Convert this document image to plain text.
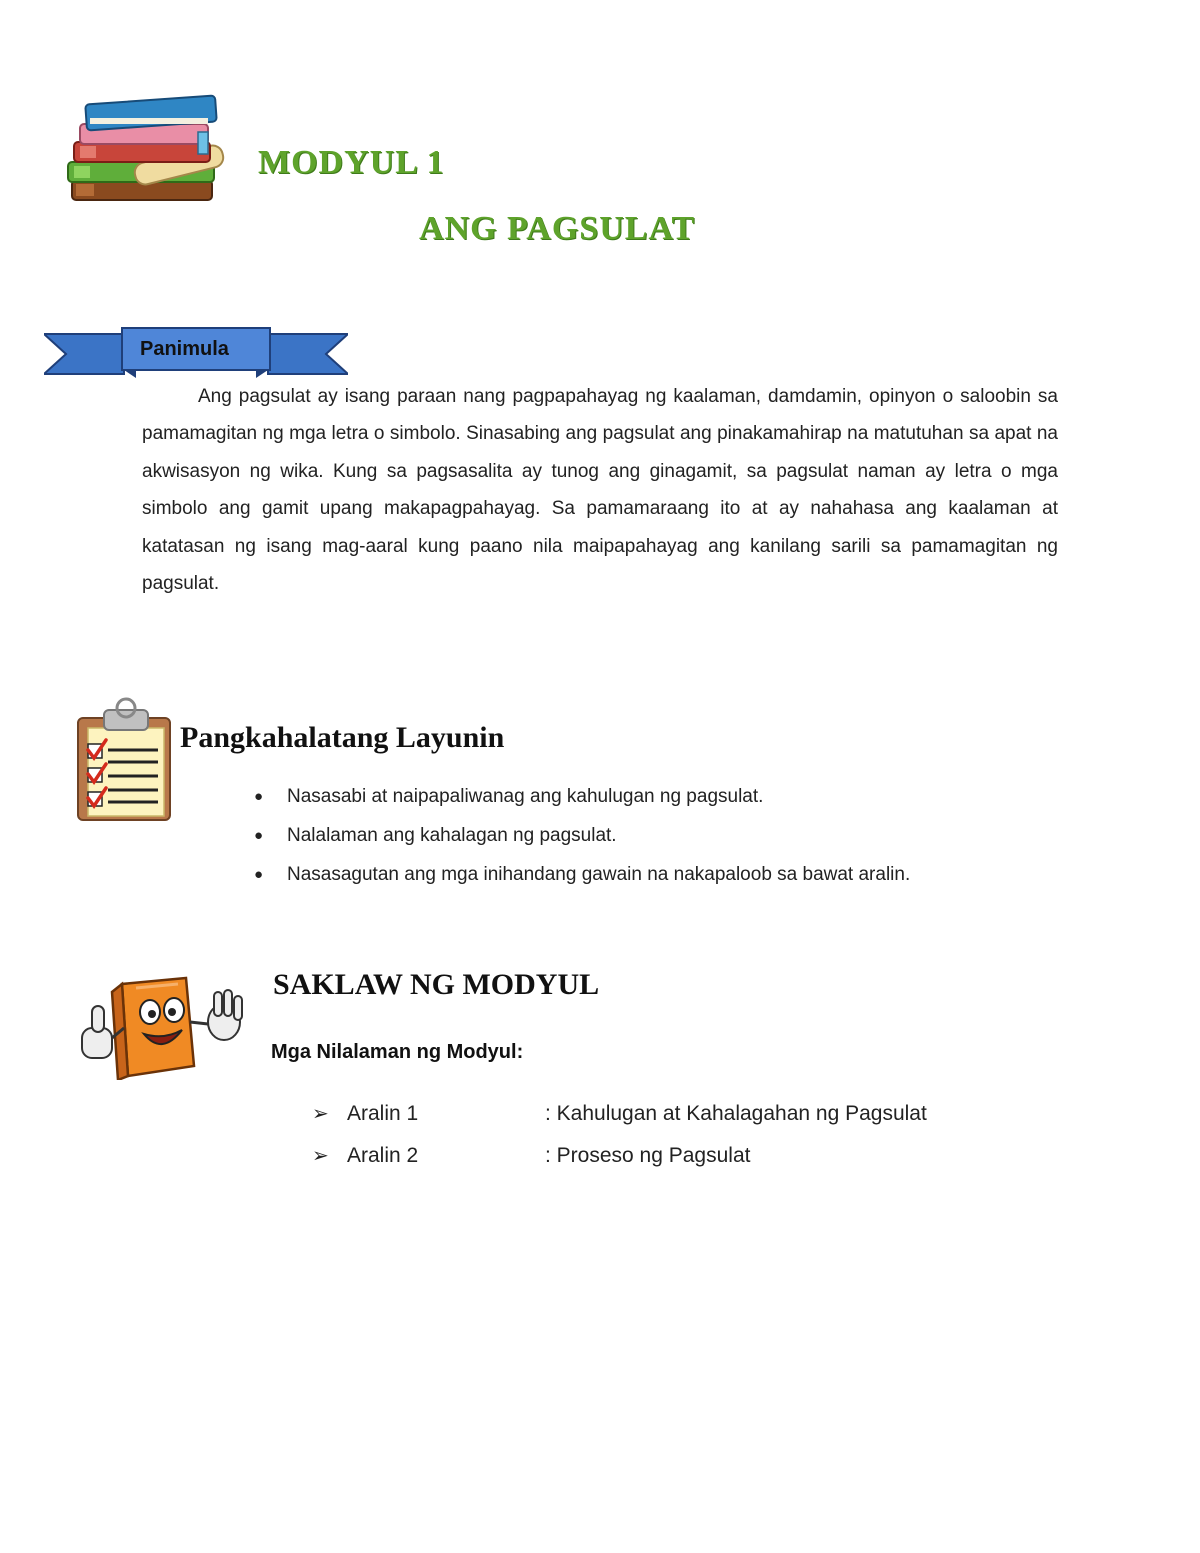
MODYUL 1
ANG PAGSULAT
Panimula

Ang pagsulat ay isang paraan nang pagpapahayag ng kaalaman, damdamin, opinyon o saloobin sa pamamagitan ng mga letra o simbolo. Sinasabing ang pagsulat ang pinakamahirap na matutuhan sa apat na akwisasyon ng wika. Kung sa pagsasalita ay tunog ang ginagamit, sa pagsulat naman ay letra o mga simbolo ang gamit upang makapagpahayag. Sa pamamaraang ito at ay nahahasa ang kaalaman at katatasan ng isang mag-aaral kung paano nila maipapahayag ang kanilang sarili sa pamamagitan ng pagsulat.

Pangkahalatang Layunin
● Nasasabi at naipapaliwanag ang kahulugan ng pagsulat.
● Nalalaman ang kahalagan ng pagsulat.
● Nasasagutan ang mga inihandang gawain na nakapaloob sa bawat aralin.
SAKLAW NG MODYUL
Mga Nilalaman ng Modyul:
➢ Aralin 1	: Kahulugan at Kahalagahan ng Pagsulat
➢ Aralin 2	: Proseso ng Pagsulat
